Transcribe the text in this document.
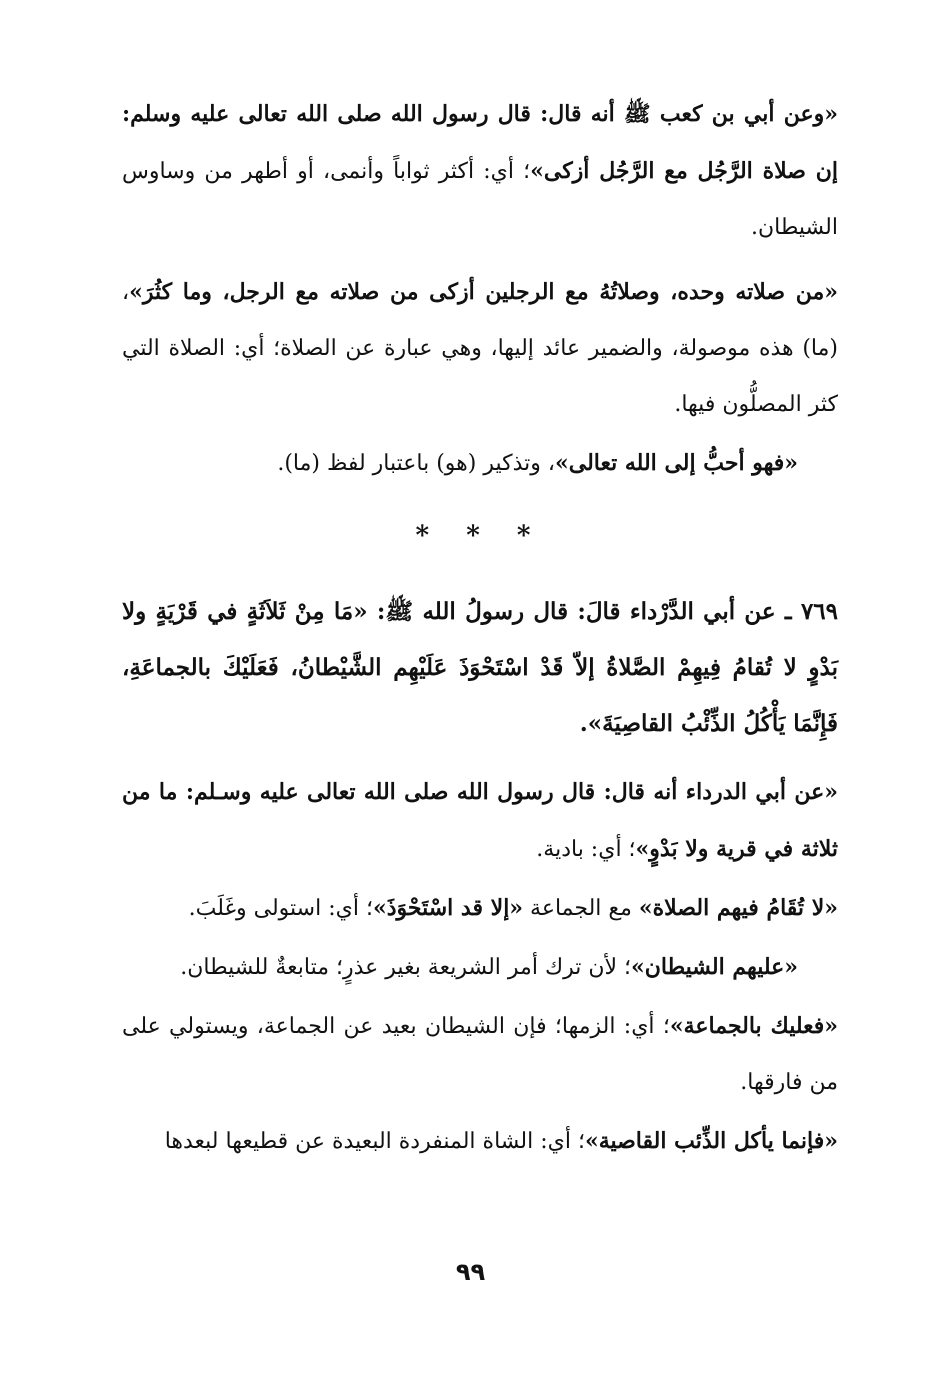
«وعن أبي بن كعب ﷺ أنه قال: قال رسول الله صلى الله تعالى عليه وسلم: إن صلاة الرَّجُل مع الرَّجُل أزكى»؛ أي: أكثر ثواباً وأنمى، أو أطهر من وساوس الشيطان.

«من صلاته وحده، وصلاتُهُ مع الرجلين أزكى من صلاته مع الرجل، وما كثُرَ»، (ما) هذه موصولة، والضمير عائد إليها، وهي عبارة عن الصلاة؛ أي: الصلاة التي كثر المصلُّون فيها.

«فهو أحبُّ إلى الله تعالى»، وتذكير (هو) باعتبار لفظ (ما).

* * *

٧٦٩ ـ عن أبي الدَّرْداء قالَ: قال رسولُ الله ﷺ: «مَا مِنْ ثَلاَثَةٍ في قَرْيَةٍ ولا بَدْوٍ لا تُقامُ فِيهِمْ الصَّلاةُ إلاّ قَدْ اسْتَحْوَذَ عَلَيْهِم الشَّيْطانُ، فَعَلَيْكَ بالجماعَةِ، فَإِنَّمَا يَأْكُلُ الذِّئْبُ القاصِيَةَ».

«عن أبي الدرداء أنه قال: قال رسول الله صلى الله تعالى عليه وسـلم: ما من ثلاثة في قرية ولا بَدْوٍ»؛ أي: بادية.

«لا تُقَامُ فيهم الصلاة» مع الجماعة «إلا قد اسْتَحْوَذَ»؛ أي: استولى وغَلَبَ.

«عليهم الشيطان»؛ لأن ترك أمر الشريعة بغير عذرٍ؛ متابعةٌ للشيطان.

«فعليك بالجماعة»؛ أي: الزمها؛ فإن الشيطان بعيد عن الجماعة، ويستولي على من فارقها.

«فإنما يأكل الذِّئب القاصية»؛ أي: الشاة المنفردة البعيدة عن قطيعها لبعدها

٩٩
